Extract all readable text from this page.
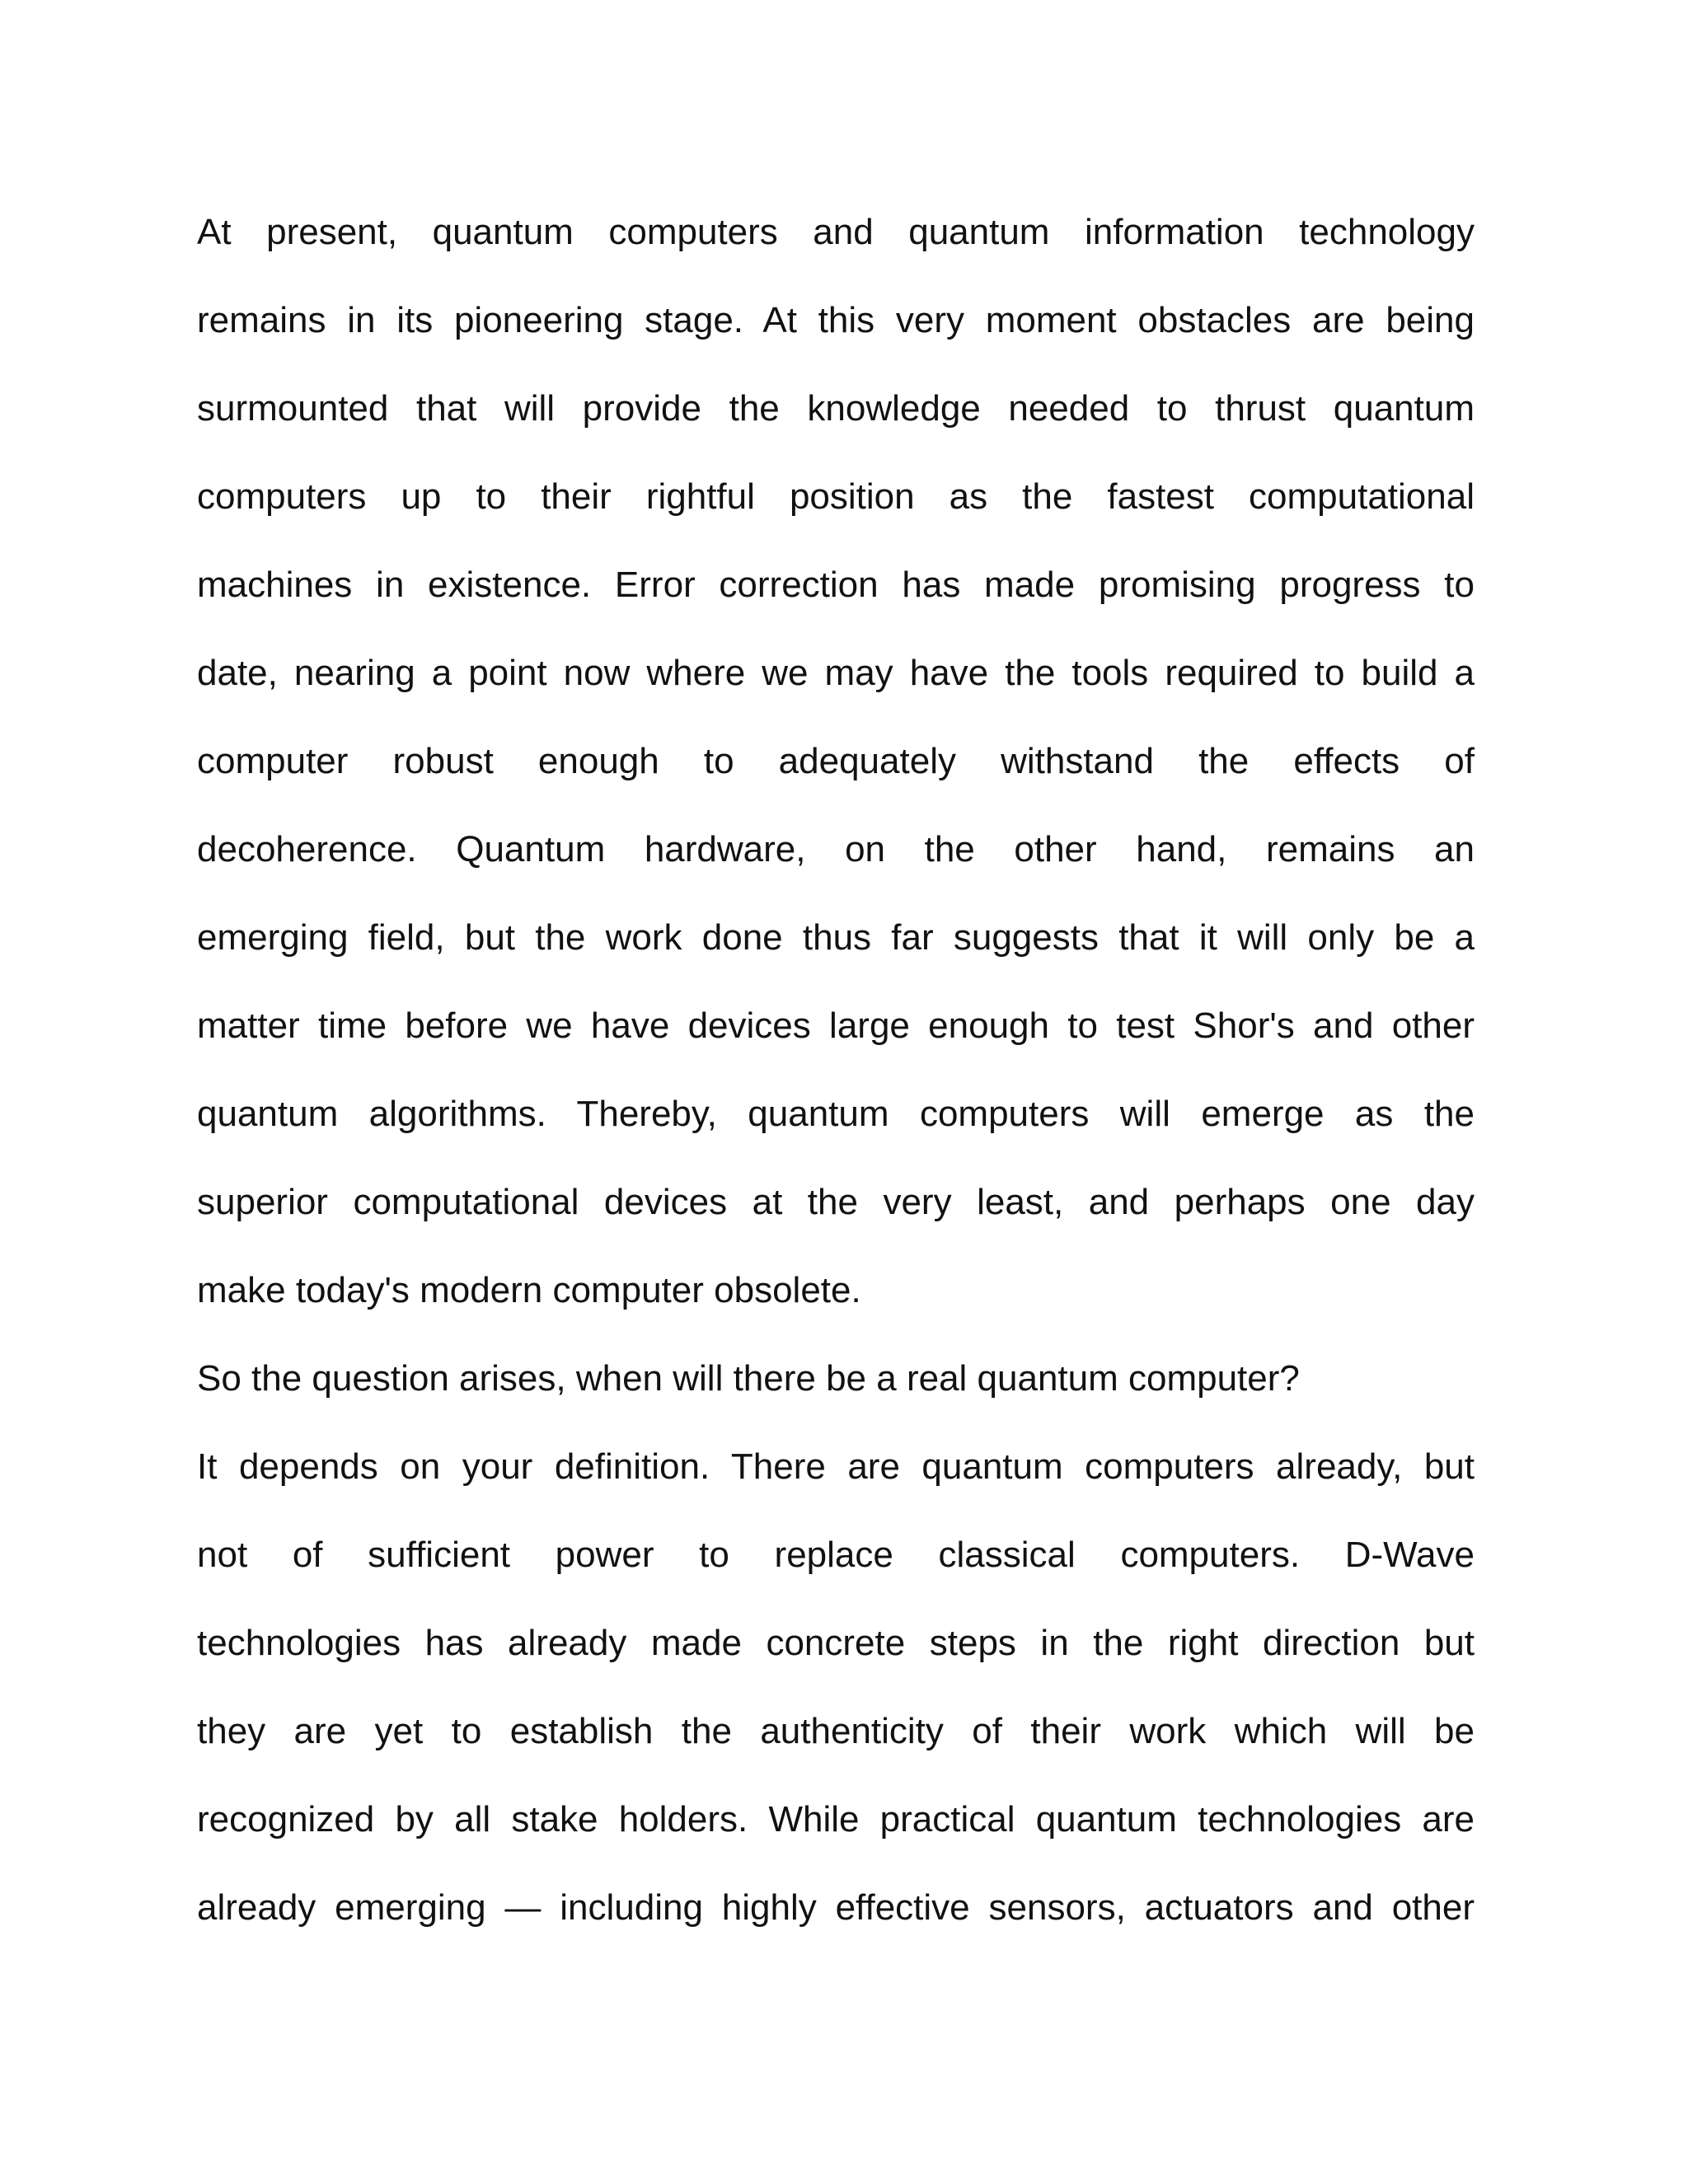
At present, quantum computers and quantum information technology
remains in its pioneering stage. At this very moment obstacles are being
surmounted that will provide the knowledge needed to thrust quantum
computers up to their rightful position as the fastest computational
machines in existence. Error correction has made promising progress to
date, nearing a point now where we may have the tools required to build a
computer robust enough to adequately withstand the effects of
decoherence. Quantum hardware, on the other hand, remains an
emerging field, but the work done thus far suggests that it will only be a
matter time before we have devices large enough to test Shor's and other
quantum algorithms. Thereby, quantum computers will emerge as the
superior computational devices at the very least, and perhaps one day
make today's modern computer obsolete.

So the question arises, when will there be a real quantum computer?

It depends on your definition. There are quantum computers already, but
not of sufficient power to replace classical computers. D-Wave
technologies has already made concrete steps in the right direction but
they are yet to establish the authenticity of their work which will be
recognized by all stake holders. While practical quantum technologies are
already emerging — including highly effective sensors, actuators and other
